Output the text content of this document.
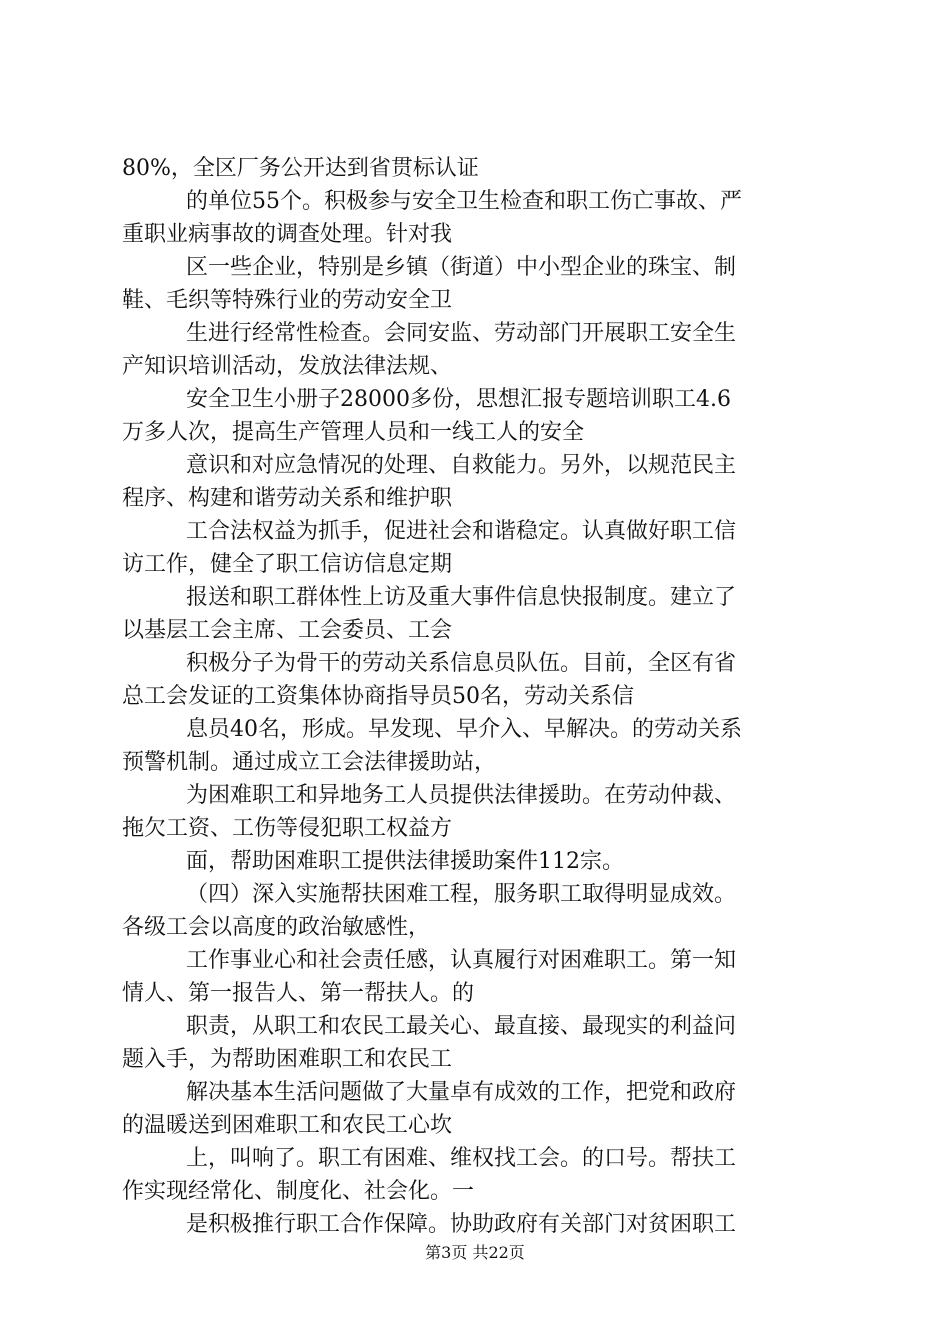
80%，全区厂务公开达到省贯标认证
的单位55个。积极参与安全卫生检查和职工伤亡事故、严
重职业病事故的调查处理。针对我
区一些企业，特别是乡镇（街道）中小型企业的珠宝、制
鞋、毛织等特殊行业的劳动安全卫
生进行经常性检查。会同安监、劳动部门开展职工安全生
产知识培训活动，发放法律法规、
安全卫生小册子28000多份，思想汇报专题培训职工4.6
万多人次，提高生产管理人员和一线工人的安全
意识和对应急情况的处理、自救能力。另外，以规范民主
程序、构建和谐劳动关系和维护职
工合法权益为抓手，促进社会和谐稳定。认真做好职工信
访工作，健全了职工信访信息定期
报送和职工群体性上访及重大事件信息快报制度。建立了
以基层工会主席、工会委员、工会
积极分子为骨干的劳动关系信息员队伍。目前，全区有省
总工会发证的工资集体协商指导员50名，劳动关系信
息员40名，形成。早发现、早介入、早解决。的劳动关系
预警机制。通过成立工会法律援助站，
为困难职工和异地务工人员提供法律援助。在劳动仲裁、
拖欠工资、工伤等侵犯职工权益方
面，帮助困难职工提供法律援助案件112宗。
（四）深入实施帮扶困难工程，服务职工取得明显成效。
各级工会以高度的政治敏感性，
工作事业心和社会责任感，认真履行对困难职工。第一知
情人、第一报告人、第一帮扶人。的
职责，从职工和农民工最关心、最直接、最现实的利益问
题入手，为帮助困难职工和农民工
解决基本生活问题做了大量卓有成效的工作，把党和政府
的温暖送到困难职工和农民工心坎
上，叫响了。职工有困难、维权找工会。的口号。帮扶工
作实现经常化、制度化、社会化。一
是积极推行职工合作保障。协助政府有关部门对贫困职工
第3页 共22页
